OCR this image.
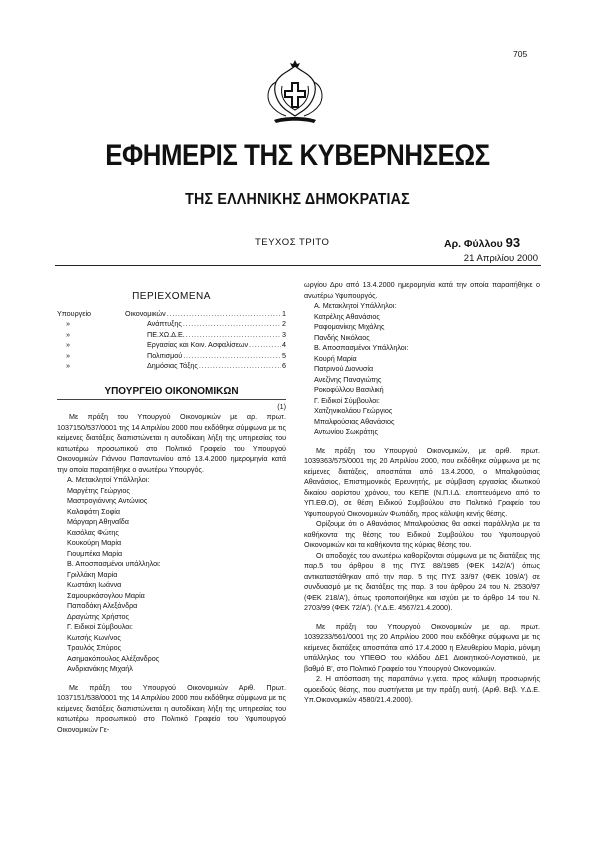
705
ΕΦΗΜΕΡΙΣ ΤΗΣ ΚΥΒΕΡΝΗΣΕΩΣ
ΤΗΣ ΕΛΛΗΝΙΚΗΣ ΔΗΜΟΚΡΑΤΙΑΣ
ΤΕΥΧΟΣ ΤΡΙΤΟ	Αρ. Φύλλου 93
21 Απριλίου 2000
ΠΕΡΙΕΧΟΜΕΝΑ
Υπουργείο	Οικονομικών .....	1
»	Ανάπτυξης .....	2
»	ΠΕ.ΧΩ.Δ.Ε. .....	3
»	Εργασίας και Κοιν. Ασφαλίσεων .....	4
»	Πολιτισμού .....	5
»	Δημόσιας Τάξης .....	6
ΥΠΟΥΡΓΕΙΟ ΟΙΚΟΝΟΜΙΚΩΝ
(1)

Με πράξη του Υπουργού Οικονομικών με αρ. πρωτ. 1037150/537/0001 της 14 Απριλίου 2000 που εκδόθηκε σύμφωνα με τις κείμενες διατάξεις διαπιστώνεται η αυτοδίκαιη λήξη της υπηρεσίας του κατωτέρω προσωπικού στο Πολιτικό Γραφείο του Υπουργού Οικονομικών Γιάννου Παπαντωνίου από 13.4.2000 ημερομηνία κατά την οποία παραιτήθηκε ο ανωτέρω Υπουργός.

Α. Μετακλητοί Υπάλληλοι:

Μαργέτης Γεώργιος

Μαστρογιάννης Αντώνιος

Καλαφάτη Σοφία

Μάργαρη Αθηναΐδα

Κασόλας Φώτης

Κουκούρη Μαρία

Γιουμπέκα Μαρία

Β. Αποσπασμένοι υπάλληλοι:

Γριλλάκη Μαρία

Κωστάκη Ιωάννα

Σαμουρκάσογλου Μαρία

Παπαδάκη Αλεξάνδρα

Δραγώτης Χρήστος

Γ. Ειδικοί Σύμβουλοι:

Κωτσής Κων/νος

Τραυλός Σπύρος

Ασημακόπουλος Αλέξανδρος

Ανδριανάκης Μιχαήλ

Με πράξη του Υπουργού Οικονομικών Αριθ. Πρωτ. 1037151/538/0001 της 14 Απριλίου 2000 που εκδόθηκε σύμφωνα με τις κείμενες διατάξεις διαπιστώνεται η αυτοδίκαιη λήξη της υπηρεσίας του κατωτέρω προσωπικού στο Πολιτικό Γραφείο του Υφυπουργού Οικονομικών Γε-

ωργίου Δρυ από 13.4.2000 ημερομηνία κατά την οποία παραιτήθηκε ο ανωτέρω Υφυπουργός.

Α. Μετακλητοί Υπάλληλοι:

Κατρέλης Αθανάσιος

Ραφομανίκης Μιχάλης

Πανδής Νικόλαος

Β. Αποσπασμένοι Υπάλληλοι:

Κουρή Μαρία

Πατρινού Διονυσία

Ανεζίνης Παναγιώτης

Ροκοφύλλου Βασιλική

Γ. Ειδικοί Σύμβουλοι:

Χατζηνικολάου Γεώργιος

Μπαλφούσιας Αθανάσιος

Αντωνίου Σωκράτης

Με πράξη του Υπουργού Οικονομικών, με αριθ. πρωτ. 1039363/575/0001 της 20 Απριλίου 2000, που εκδόθηκε σύμφωνα με τις κείμενες διατάξεις, αποσπάται από 13.4.2000, ο Μπαλφούσιας Αθανάσιος, Επιστημονικός Ερευνητής, με σύμβαση εργασίας ιδιωτικού δικαίου αορίστου χρόνου, του ΚΕΠΕ (Ν.Π.Ι.Δ. εποπτευόμενο από το ΥΠ.ΕΘ.Ο), σε θέση Ειδικού Συμβούλου στο Πολιτικό Γραφείο του Υφυπουργού Οικονομικών Φωτιάδη, προς κάλυψη κενής θέσης.

Ορίζουμε ότι ο Αθανάσιος Μπαλφούσιας θα ασκεί παράλληλα με τα καθήκοντα της θέσης του Ειδικού Συμβούλου του Υφυπουργού Οικονομικών και τα καθήκοντα της κύριας θέσης του.

Οι αποδοχές του ανωτέρω καθορίζονται σύμφωνα με τις διατάξεις της παρ.5 του άρθρου 8 της ΠΥΣ 88/1985 (ΦΕΚ 142/Α') όπως αντικαταστάθηκαν από την παρ. 5 της ΠΥΣ 33/97 (ΦΕΚ 109/Α') σε συνδυασμό με τις διατάξεις της παρ. 3 του άρθρου 24 του Ν. 2530/97 (ΦΕΚ 218/Α'), όπως τροποποιήθηκε και ισχύει με το άρθρο 14 του Ν. 2703/99 (ΦΕΚ 72/Α'). (Υ.Δ.Ε. 4567/21.4.2000).

Με πράξη του Υπουργού Οικονομικών με αρ. πρωτ. 1039233/561/0001 της 20 Απριλίου 2000 που εκδόθηκε σύμφωνα με τις κείμενες διατάξεις αποσπάται από 17.4.2000 η Ελευθερίου Μαρία, μόνιμη υπάλληλος του ΥΠΕΘΟ του κλάδου ΔΕ1 Διοικητικού-Λογιστικού, με βαθμό Β', στο Πολιτικό Γραφείο του Υπουργού Οικονομικών.

2. Η απόσπαση της παραπάνω γ.γετα. προς κάλυψη προσωρινής ομοειδούς θέσης, που συστήνεται με την πράξη αυτή. (Αριθ. Βεβ. Υ.Δ.Ε. Υπ.Οικονομικών 4580/21.4.2000).
